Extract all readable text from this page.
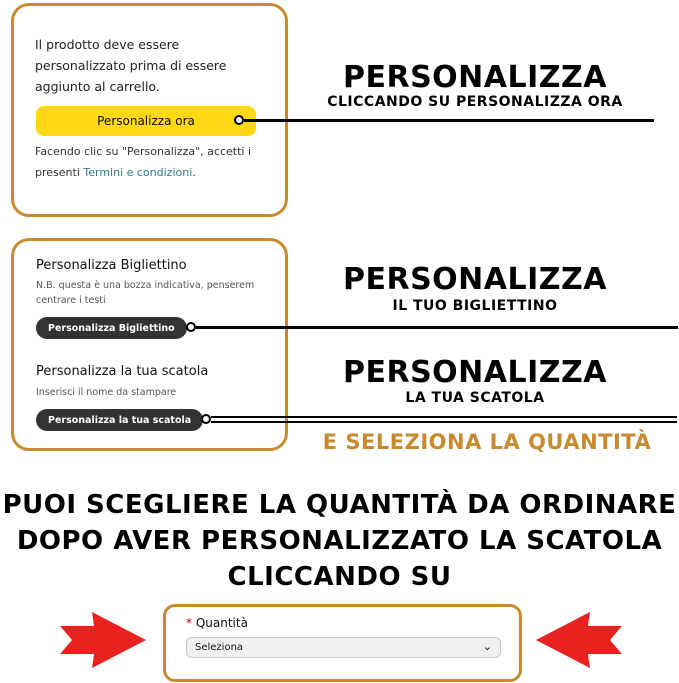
Il prodotto deve essere personalizzato prima di essere aggiunto al carrello.
Personalizza ora
Facendo clic su "Personalizza", accetti i presenti Termini e condizioni.
PERSONALIZZA
CLICCANDO SU PERSONALIZZA ORA
Personalizza Bigliettino
N.B. questa è una bozza indicativa, penserem centrare i testi
Personalizza Bigliettino
Personalizza la tua scatola
Inserisci il nome da stampare
Personalizza la tua scatola
PERSONALIZZA
IL TUO BIGLIETTINO
PERSONALIZZA
LA TUA SCATOLA
E SELEZIONA LA QUANTITÀ
PUOI SCEGLIERE LA QUANTITÀ DA ORDINARE
DOPO AVER PERSONALIZZATO LA SCATOLA
CLICCANDO SU
* Quantità
Seleziona	⌄
